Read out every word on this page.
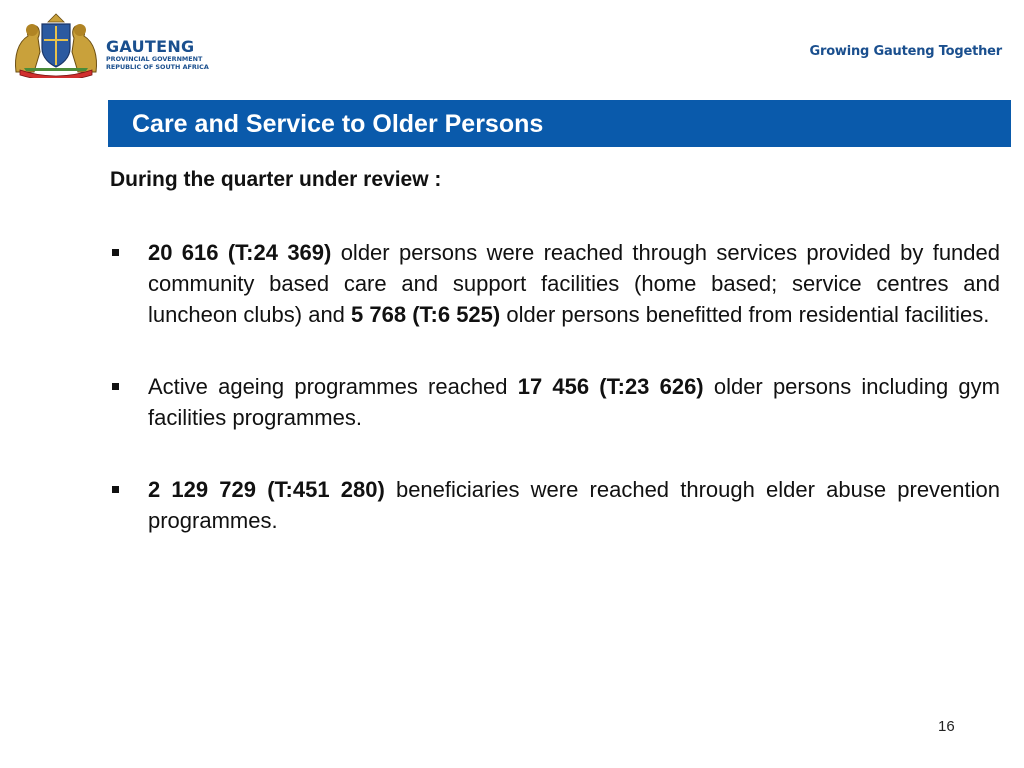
GAUTENG
PROVINCIAL GOVERNMENT
REPUBLIC OF SOUTH AFRICA
Growing Gauteng Together
Care and Service to Older Persons
During the quarter under review :
20 616 (T:24 369) older persons were reached through services provided by funded community based care and support facilities (home based; service centres and luncheon clubs) and 5 768 (T:6 525) older persons benefitted from residential facilities.
Active ageing programmes reached 17 456 (T:23 626) older persons including gym facilities programmes.
2 129 729 (T:451 280) beneficiaries were reached through elder abuse prevention programmes.
16
